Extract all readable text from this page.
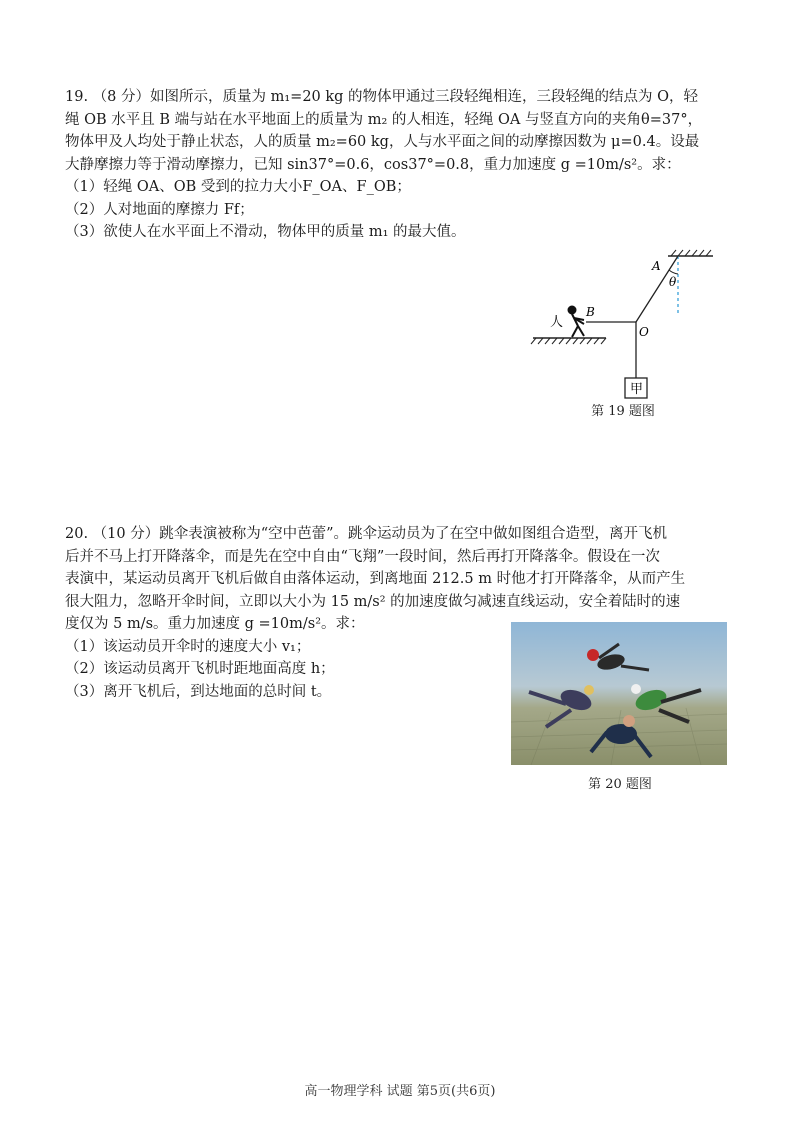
19. （8 分）如图所示，质量为 m₁=20 kg 的物体甲通过三段轻绳相连，三段轻绳的结点为 O，轻

绳 OB 水平且 B 端与站在水平地面上的质量为 m₂ 的人相连，轻绳 OA 与竖直方向的夹角θ=37°，

物体甲及人均处于静止状态，人的质量 m₂=60 kg，人与水平面之间的动摩擦因数为 μ=0.4。设最

大静摩擦力等于滑动摩擦力，已知 sin37°=0.6，cos37°=0.8，重力加速度 g =10m/s²。求：

（1）轻绳 OA、OB 受到的拉力大小F_OA、F_OB；

（2）人对地面的摩擦力 Ff；

（3）欲使人在水平面上不滑动，物体甲的质量 m₁ 的最大值。

甲
A
θ
B
O
人
第 19 题图

20. （10 分）跳伞表演被称为“空中芭蕾”。跳伞运动员为了在空中做如图组合造型，离开飞机

后并不马上打开降落伞，而是先在空中自由“飞翔”一段时间，然后再打开降落伞。假设在一次

表演中，某运动员离开飞机后做自由落体运动，到离地面 212.5 m 时他才打开降落伞，从而产生

很大阻力，忽略开伞时间，立即以大小为 15 m/s² 的加速度做匀减速直线运动，安全着陆时的速

度仅为 5 m/s。重力加速度 g =10m/s²。求：

（1）该运动员开伞时的速度大小 v₁；

（2）该运动员离开飞机时距地面高度 h；

（3）离开飞机后，到达地面的总时间 t。

第 20 题图
高一物理学科 试题 第5页(共6页)
